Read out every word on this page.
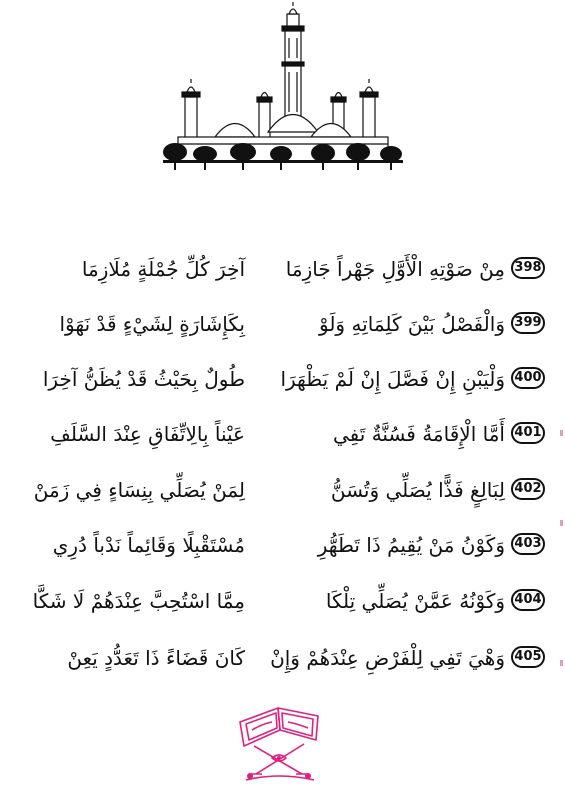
398
مِنْ صَوْتِهِ الْأَوَّلِ جَهْراً جَازِمَا
آخِرَ كُلِّ جُمْلَةٍ مُلَازِمَا
399
وَالْفَصْلُ بَيْنَ كَلِمَاتِهِ وَلَوْ
بِكَإِشَارَةٍ لِشَيْءٍ قَدْ نَهَوْا
400
وَلْيَبْنِ إِنْ فَصَّلَ إِنْ لَمْ يَظْهَرَا
طُولٌ بِحَيْثُ قَدْ يُظَنُّ آخِرَا
401
أَمَّا الْإِقَامَةُ فَسُنَّةٌ تَفِي
عَيْناً بِالِاتِّفَاقِ عِنْدَ السَّلَفِ
402
لِبَالِغٍ فَذًّا يُصَلِّي وَتُسَنُّ
لِمَنْ يُصَلِّي بِنِسَاءٍ فِي زَمَنْ
403
وَكَوْنُ مَنْ يُقِيمُ ذَا تَطَهُّرِ
مُسْتَقْبِلًا وَقَائِماً نَدْباً دُرِي
404
وَكَوْنُهُ عَمَّنْ يُصَلِّي تِلْكَا
مِمَّا اسْتُحِبَّ عِنْدَهُمْ لَا شَكَّا
405
وَهْيَ تَفِي لِلْفَرْضِ عِنْدَهُمْ وَإِنْ
كَانَ قَضَاءً ذَا تَعَدُّدٍ يَعِنْ
